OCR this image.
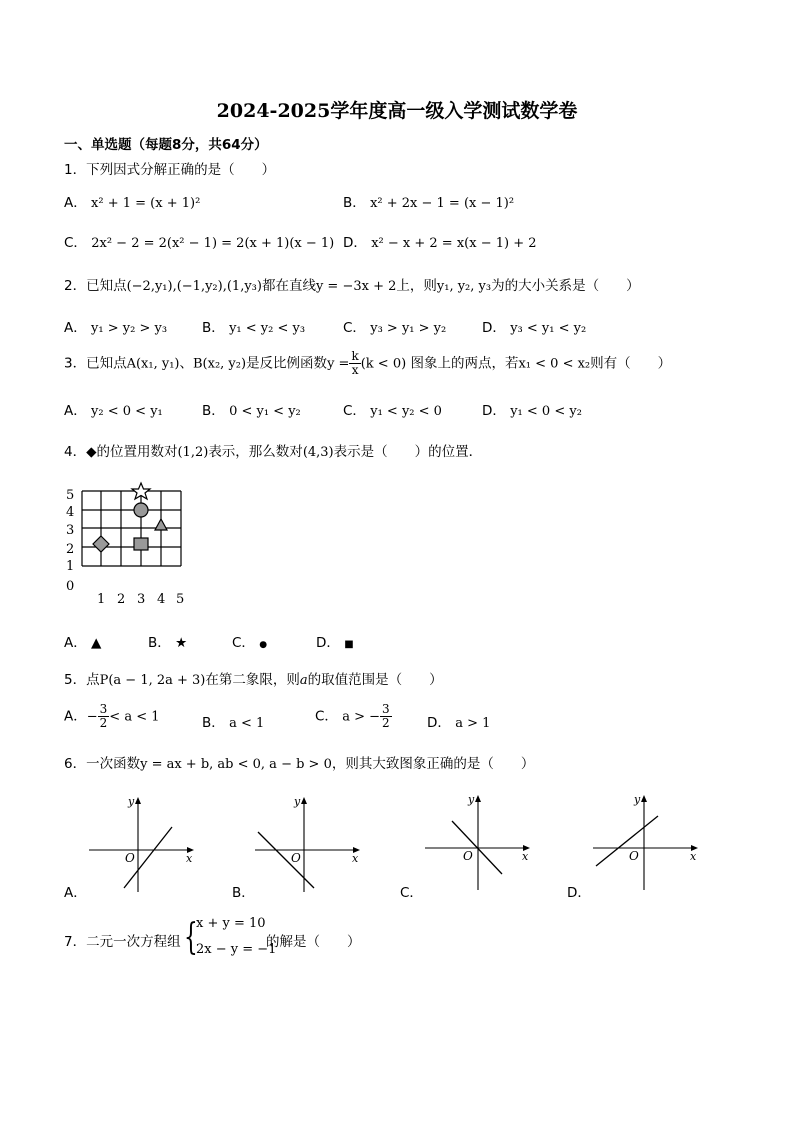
2024-2025学年度高一级入学测试数学卷
一、单选题（每题8分，共64分）
1．下列因式分解正确的是（　　）
A． x² + 1 = (x + 1)²	B． x² + 2x − 1 = (x − 1)²
C． 2x² − 2 = 2(x² − 1) = 2(x + 1)(x − 1) D． x² − x + 2 = x(x − 1) + 2
2．已知点(−2,y₁),(−1,y₂),(1,y₃)都在直线y = −3x + 2上，则y₁, y₂, y₃为的大小关系是（　　）
A． y₁ > y₂ > y₃	B． y₁ < y₂ < y₃	C． y₃ > y₁ > y₂	D． y₃ < y₁ < y₂
3．已知点A(x₁, y₁)、B(x₂, y₂)是反比例函数$y = \frac{k}{x} (k < 0)$ 图象上的两点，若x₁ < 0 < x₂则有（　　）
A． y₂ < 0 < y₁	B． 0 < y₁ < y₂	C． y₁ < y₂ < 0	D． y₁ < 0 < y₂
4．◆的位置用数对(1,2)表示，那么数对(4,3)表示是（　　）的位置．
5
4
3
2
1
0
1 2 3 4 5
A． ▲	B． ★	C． ●	D． ■
5．点P(a − 1, 2a + 3)在第二象限，则a的取值范围是（　　）
A．− $\frac{3}{2} < a < 1$	B． a < 1	C． a > − $\frac{3}{2}$	D． a > 1
6．一次函数y = ax + b, ab < 0, a − b > 0，则其大致图象正确的是（　　）
y
x
O
y
x
O
y
x
O
y
x
O
A．	B．	C．	D．
7．二元一次方程组 {
x + y = 10
2x − y = −1
的解是（　　）
